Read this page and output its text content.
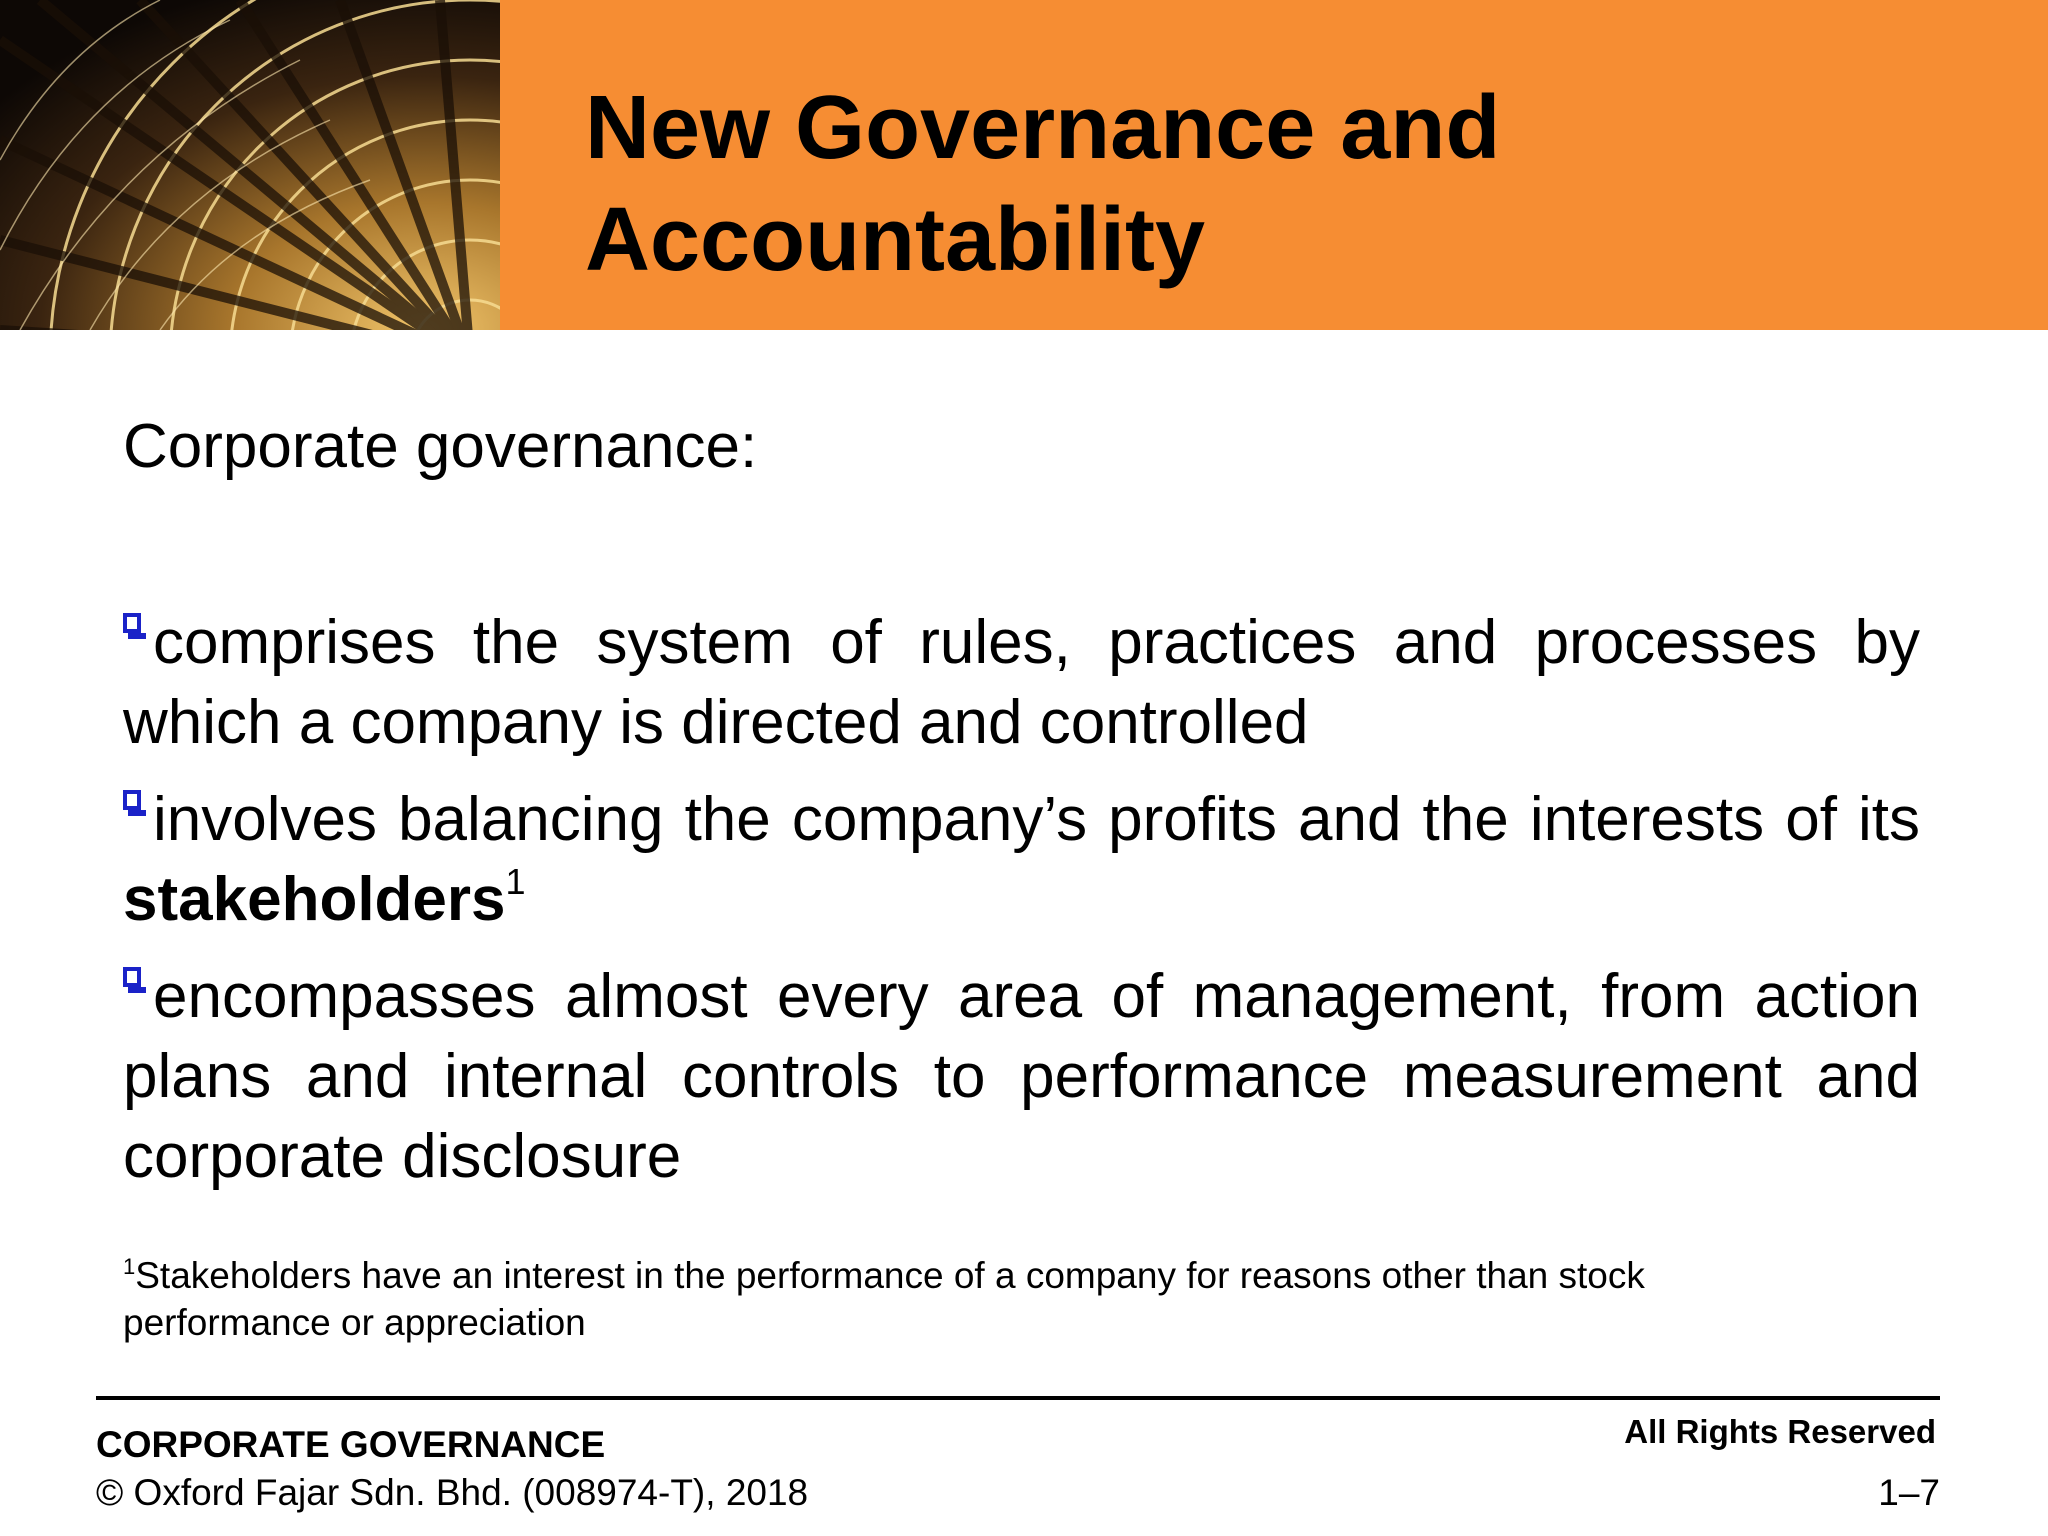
New Governance and
Accountability

Corporate governance:

comprises the system of rules, practices and processes by which a company is directed and controlled
involves balancing the company’s profits and the interests of its stakeholders$^1$
encompasses almost every area of management, from action plans and internal controls to performance measurement and corporate disclosure

$^1$Stakeholders have an interest in the performance of a company for reasons other than stock performance or appreciation

CORPORATE GOVERNANCE

© Oxford Fajar Sdn. Bhd. (008974-T), 2018

All Rights Reserved

1–7
